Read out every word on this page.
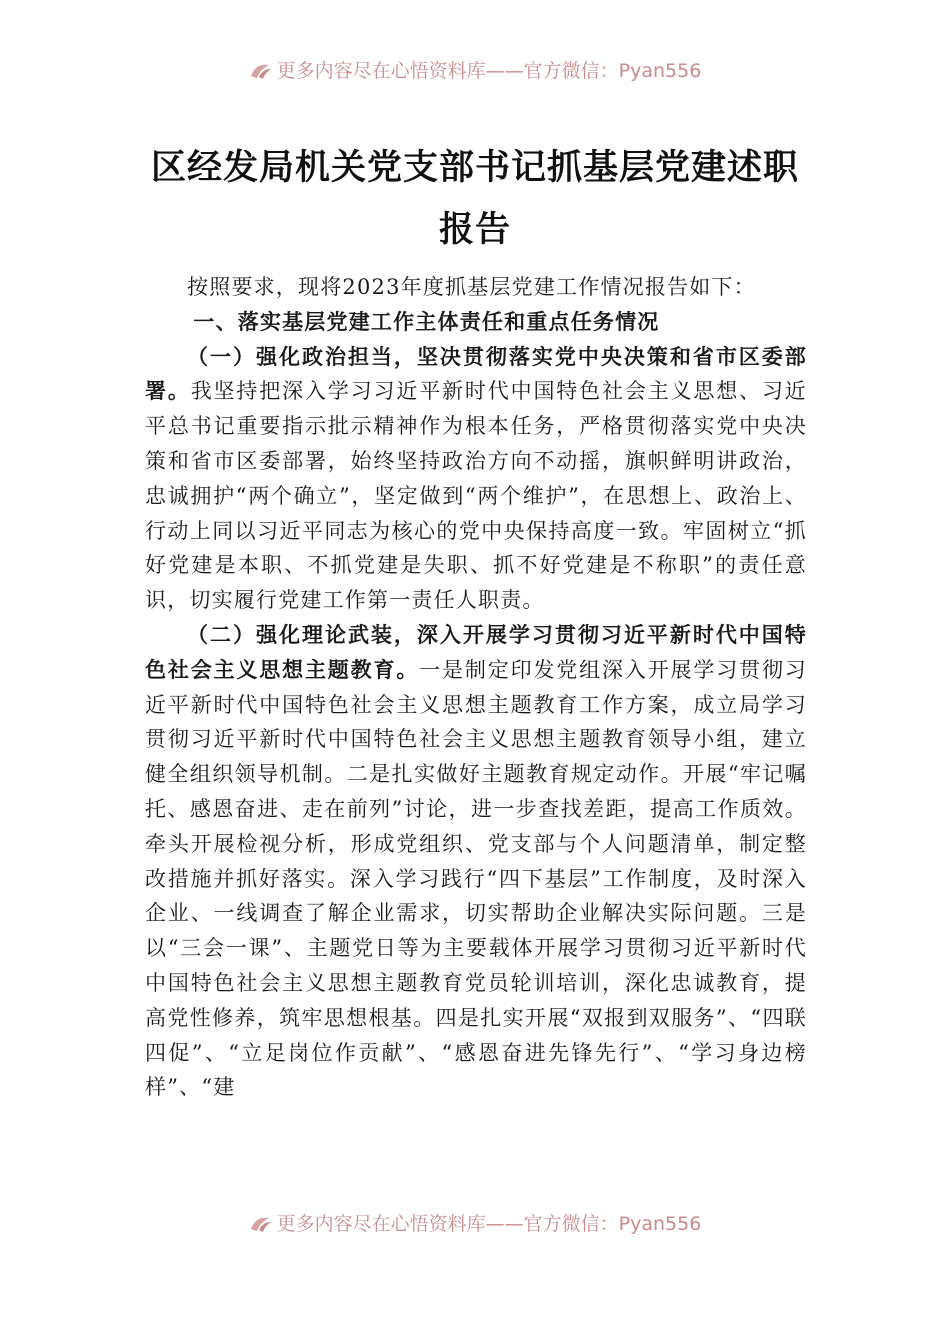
更多内容尽在心悟资料库——官方微信：Pyan556
区经发局机关党支部书记抓基层党建述职
报告

按照要求，现将2023年度抓基层党建工作情况报告如下：

一、落实基层党建工作主体责任和重点任务情况

（一）强化政治担当，坚决贯彻落实党中央决策和省市区委部署。我坚持把深入学习习近平新时代中国特色社会主义思想、习近平总书记重要指示批示精神作为根本任务，严格贯彻落实党中央决策和省市区委部署，始终坚持政治方向不动摇，旗帜鲜明讲政治，忠诚拥护“两个确立”，坚定做到“两个维护”，在思想上、政治上、行动上同以习近平同志为核心的党中央保持高度一致。牢固树立“抓好党建是本职、不抓党建是失职、抓不好党建是不称职”的责任意识，切实履行党建工作第一责任人职责。

（二）强化理论武装，深入开展学习贯彻习近平新时代中国特色社会主义思想主题教育。一是制定印发党组深入开展学习贯彻习近平新时代中国特色社会主义思想主题教育工作方案，成立局学习贯彻习近平新时代中国特色社会主义思想主题教育领导小组，建立健全组织领导机制。二是扎实做好主题教育规定动作。开展“牢记嘱托、感恩奋进、走在前列”讨论，进一步查找差距，提高工作质效。牵头开展检视分析，形成党组织、党支部与个人问题清单，制定整改措施并抓好落实。深入学习践行“四下基层”工作制度，及时深入企业、一线调查了解企业需求，切实帮助企业解决实际问题。三是以“三会一课”、主题党日等为主要载体开展学习贯彻习近平新时代中国特色社会主义思想主题教育党员轮训培训，深化忠诚教育，提高党性修养，筑牢思想根基。四是扎实开展“双报到双服务”、“四联四促”、“立足岗位作贡献”、“感恩奋进先锋先行”、“学习身边榜样”、“建

更多内容尽在心悟资料库——官方微信：Pyan556
